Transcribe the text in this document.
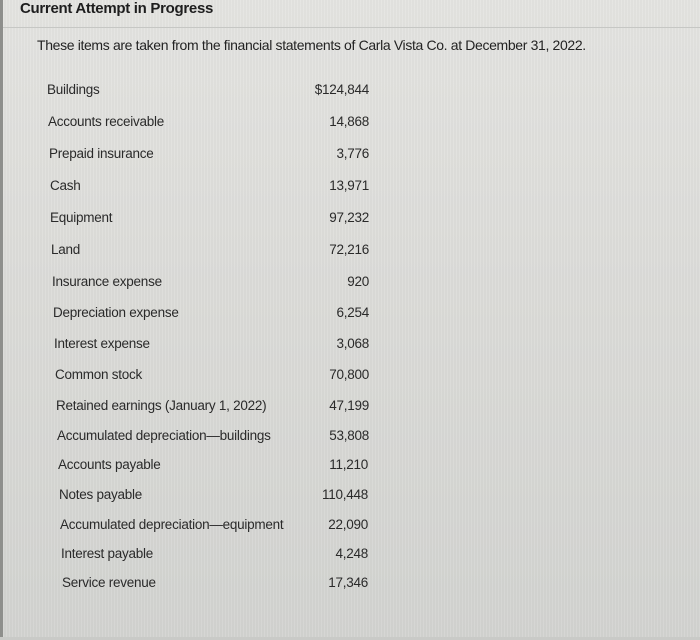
Current Attempt in Progress
These items are taken from the financial statements of Carla Vista Co. at December 31, 2022.
Buildings	$124,844
Accounts receivable	14,868
Prepaid insurance	3,776
Cash	13,971
Equipment	97,232
Land	72,216
Insurance expense	920
Depreciation expense	6,254
Interest expense	3,068
Common stock	70,800
Retained earnings (January 1, 2022)	47,199
Accumulated depreciation—buildings	53,808
Accounts payable	11,210
Notes payable	110,448
Accumulated depreciation—equipment	22,090
Interest payable	4,248
Service revenue	17,346
